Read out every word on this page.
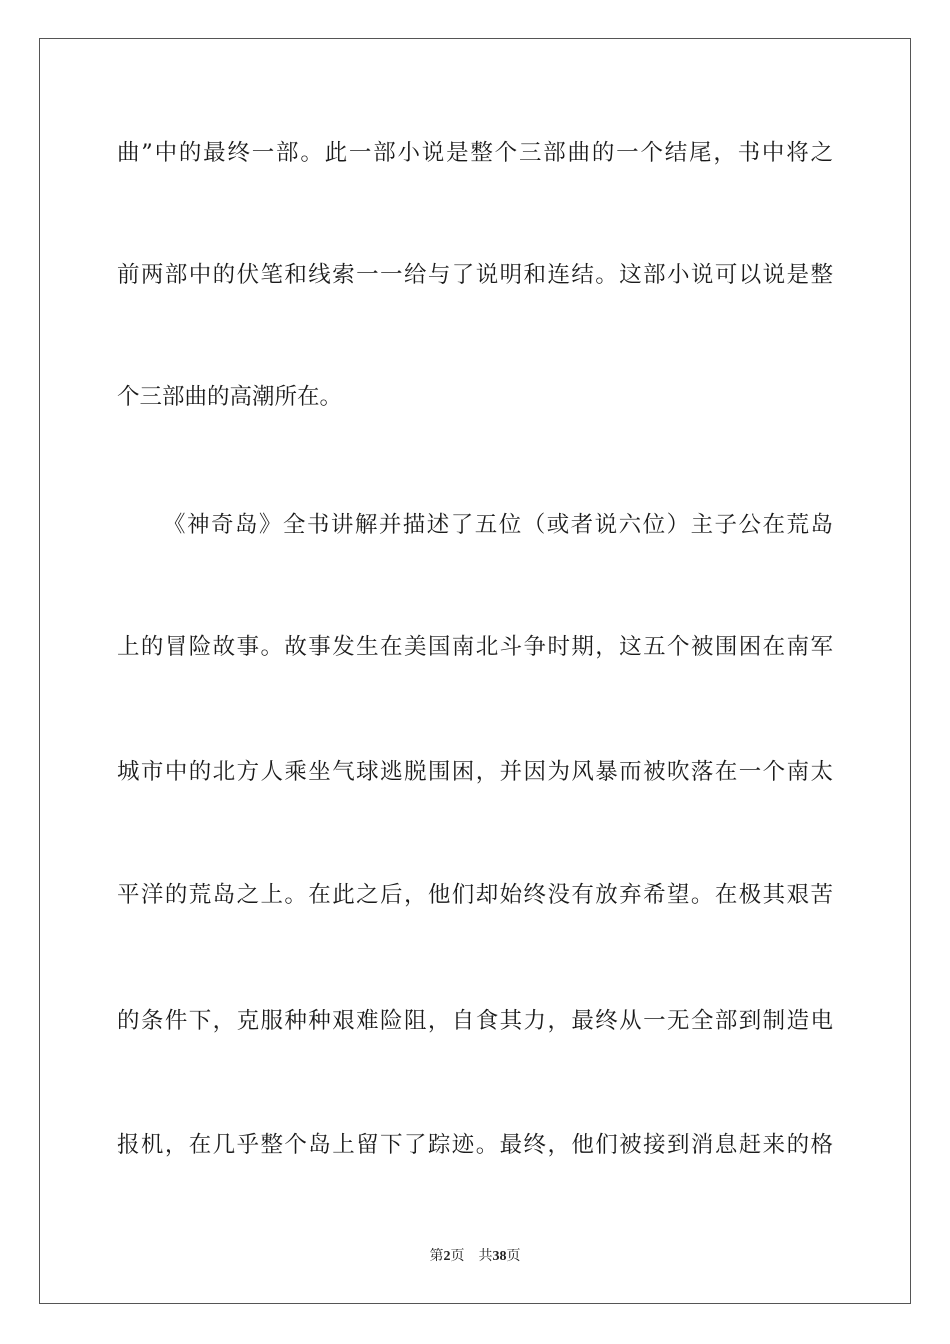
曲”中的最终一部。此一部小说是整个三部曲的一个结尾，书中将之
前两部中的伏笔和线索一一给与了说明和连结。这部小说可以说是整
个三部曲的高潮所在。
《神奇岛》全书讲解并描述了五位（或者说六位）主子公在荒岛
上的冒险故事。故事发生在美国南北斗争时期，这五个被围困在南军
城市中的北方人乘坐气球逃脱围困，并因为风暴而被吹落在一个南太
平洋的荒岛之上。在此之后，他们却始终没有放弃希望。在极其艰苦
的条件下，克服种种艰难险阻，自食其力，最终从一无全部到制造电
报机，在几乎整个岛上留下了踪迹。最终，他们被接到消息赶来的格
第2页 共38页
